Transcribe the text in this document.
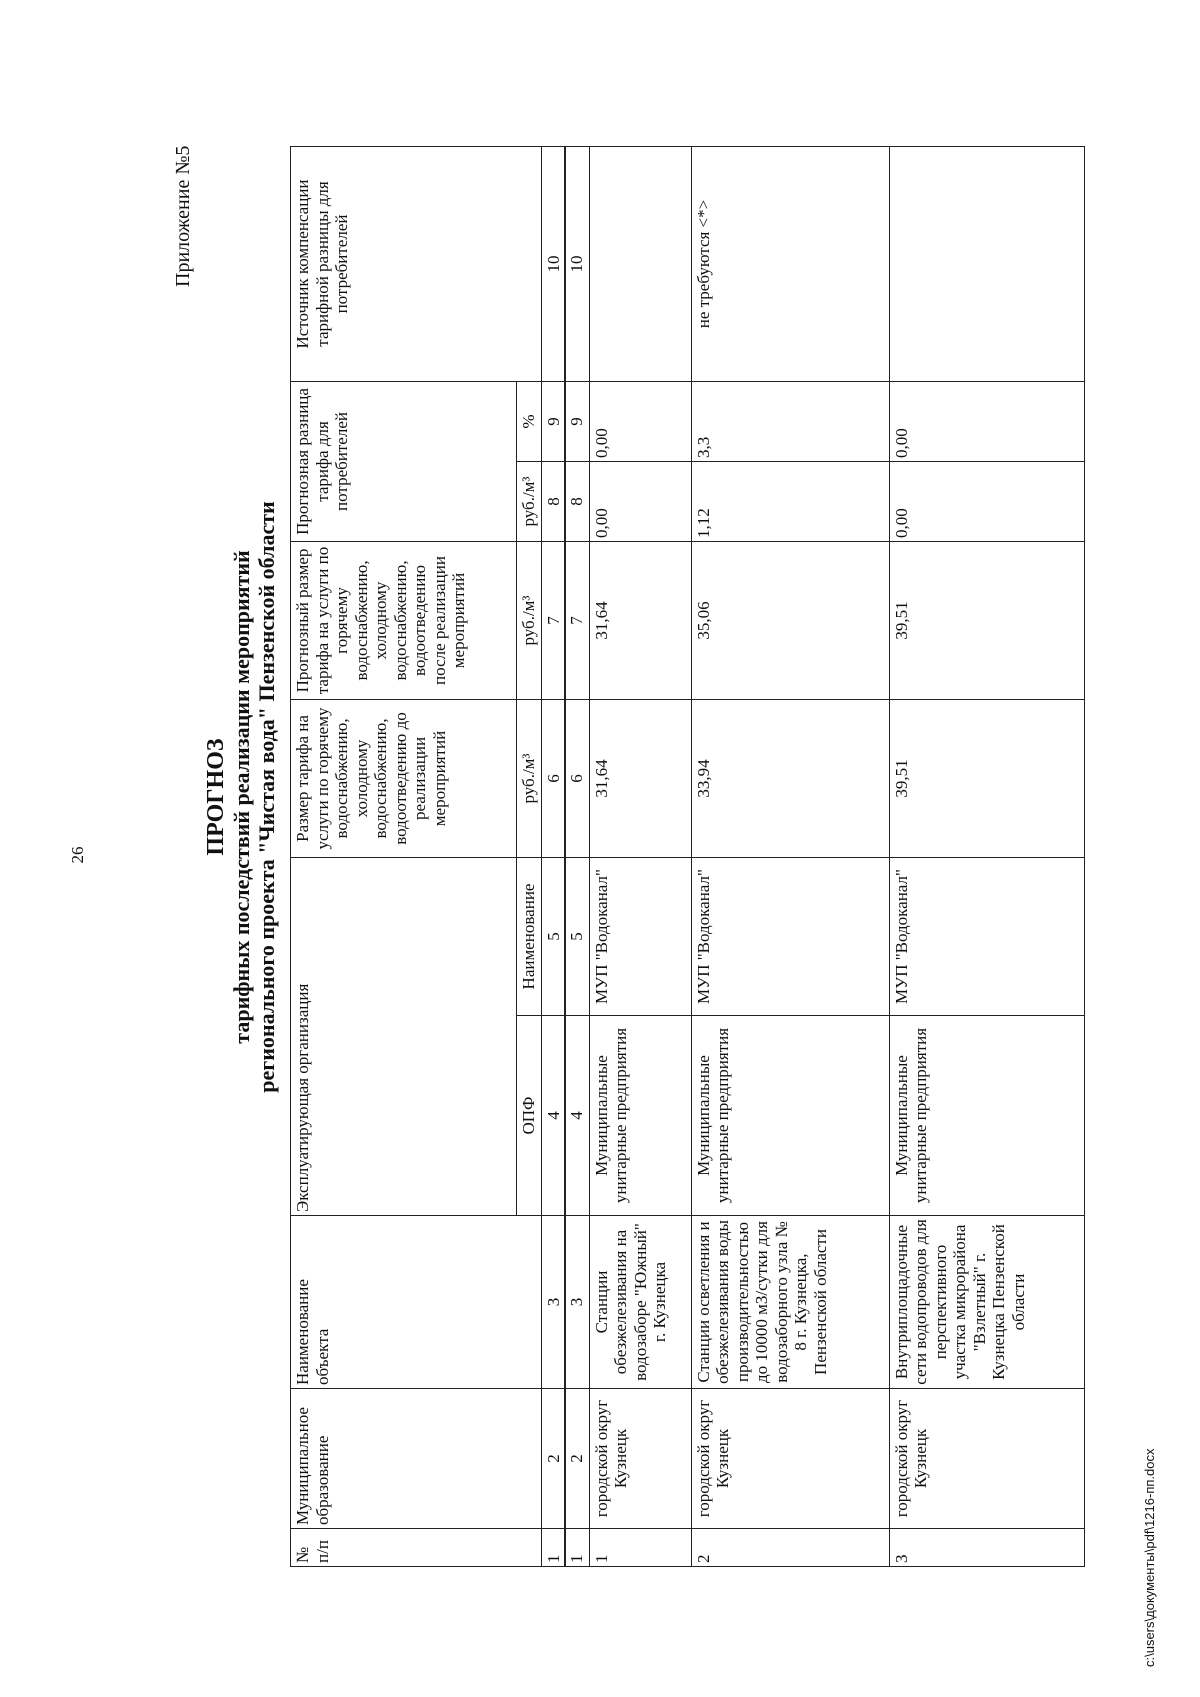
26
Приложение №5
ПРОГНОЗ тарифных последствий реализации мероприятий регионального проекта "Чистая вода" Пензенской области
№ п/п	Муниципальное образование	Наименование объекта	Эксплуатирующая организация		Размер тарифа на услуги по горячему водоснабжению, холодному водоснабжению, водоотведению до реализации мероприятий	Прогнозный размер тарифа на услуги по горячему водоснабжению, холодному водоснабжению, водоотведению после реализации мероприятий	Прогнозная разница тарифа для потребителей		Источник компенсации тарифной разницы для потребителей
			ОПФ	Наименование	руб./м³	руб./м³	руб./м³	%	
1	2	3	4	5	6	7	8	9	10
1	2	3	4	5	6	7	8	9	10
1	городской округ Кузнецк	Станции обезжелезивания на водозаборе "Южный" г. Кузнецка	Муниципальные унитарные предприятия	МУП "Водоканал"	31,64	31,64	0,00	0,00	
2	городской округ Кузнецк	Станции осветления и обезжелезивания воды производительностью до 10000 м3/сутки для водозаборного узла № 8 г. Кузнецка, Пензенской области	Муниципальные унитарные предприятия	МУП "Водоканал"	33,94	35,06	1,12	3,3	не требуются <*>
3	городской округ Кузнецк	Внутриплощадочные сети водопроводов для перспективного участка микрорайона "Взлетный" г. Кузнецка Пензенской области	Муниципальные унитарные предприятия	МУП "Водоканал"	39,51	39,51	0,00	0,00	
c:\users\документы\pdf\1216-пп.docx
